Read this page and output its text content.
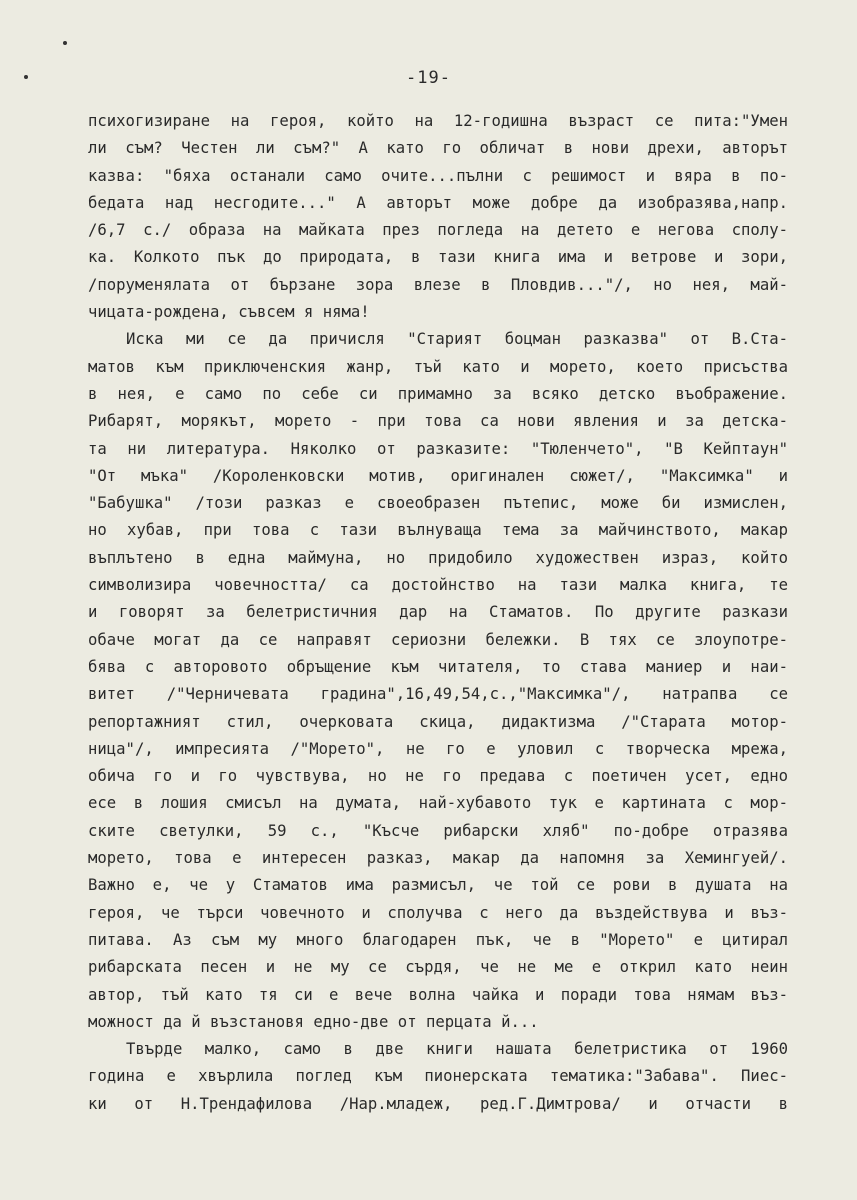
-19-
психогизиране на героя, който на 12-годишна възраст се пита:"Умен
ли съм? Честен ли съм?" А като го обличат в нови дрехи, авторът
казва: "бяха останали само очите...пълни с решимост и вяра в по-
бедата над несгодите..." А авторът може добре да изобразява,напр.
/6,7 с./ образа на майката през погледа на детето е негова сполу-
ка. Колкото пък до природата, в тази книга има и ветрове и зори,
/поруменялата от бързане зора влезе в Пловдив..."/, но нея, май-
чицата-рождена, съвсем я няма!
Иска ми се да причисля "Старият боцман разказва" от В.Ста-
матов към приключенския жанр, тъй като и морето, което присъства
в нея, е само по себе си примамно за всяко детско въображение.
Рибарят, морякът, морето - при това са нови явления и за детска-
та ни литература. Няколко от разказите: "Тюленчето", "В Кейптаун"
"От мъка" /Короленковски мотив, оригинален сюжет/, "Максимка" и
"Бабушка" /този разказ е своеобразен пътепис, може би измислен,
но хубав, при това с тази вълнуваща тема за майчинството, макар
въплътено в една маймуна, но придобило художествен израз, който
символизира човечността/ са достойнство на тази малка книга, те
и говорят за белетристичния дар на Стаматов. По другите разкази
обаче могат да се направят сериозни бележки. В тях се злоупотре-
бява с авторовото обръщение към читателя, то става маниер и наи-
витет /"Черничевата градина",16,49,54,с.,"Максимка"/, натрапва се
репортажният стил, очерковата скица, дидактизма /"Старата мотор-
ница"/, импресията /"Морето", не го е уловил с творческа мрежа,
обича го и го чувствува, но не го предава с поетичен усет, едно
есе в лошия смисъл на думата, най-хубавото тук е картината с мор-
ските светулки, 59 с., "Късче рибарски хляб" по-добре отразява
морето, това е интересен разказ, макар да напомня за Хемингуей/.
Важно е, че у Стаматов има размисъл, че той се рови в душата на
героя, че търси човечното и сполучва с него да въздействува и въз-
питава. Аз съм му много благодарен пък, че в "Морето" е цитирал
рибарската песен и не му се сърдя, че не ме е открил като неин
автор, тъй като тя си е вече волна чайка и поради това нямам въз-
можност да й възстановя едно-две от перцата й...
Твърде малко, само в две книги нашата белетристика от 1960
година е хвърлила поглед към пионерската тематика:"Забава". Пиес-
ки от Н.Трендафилова /Нар.младеж, ред.Г.Димтрова/ и отчасти в
